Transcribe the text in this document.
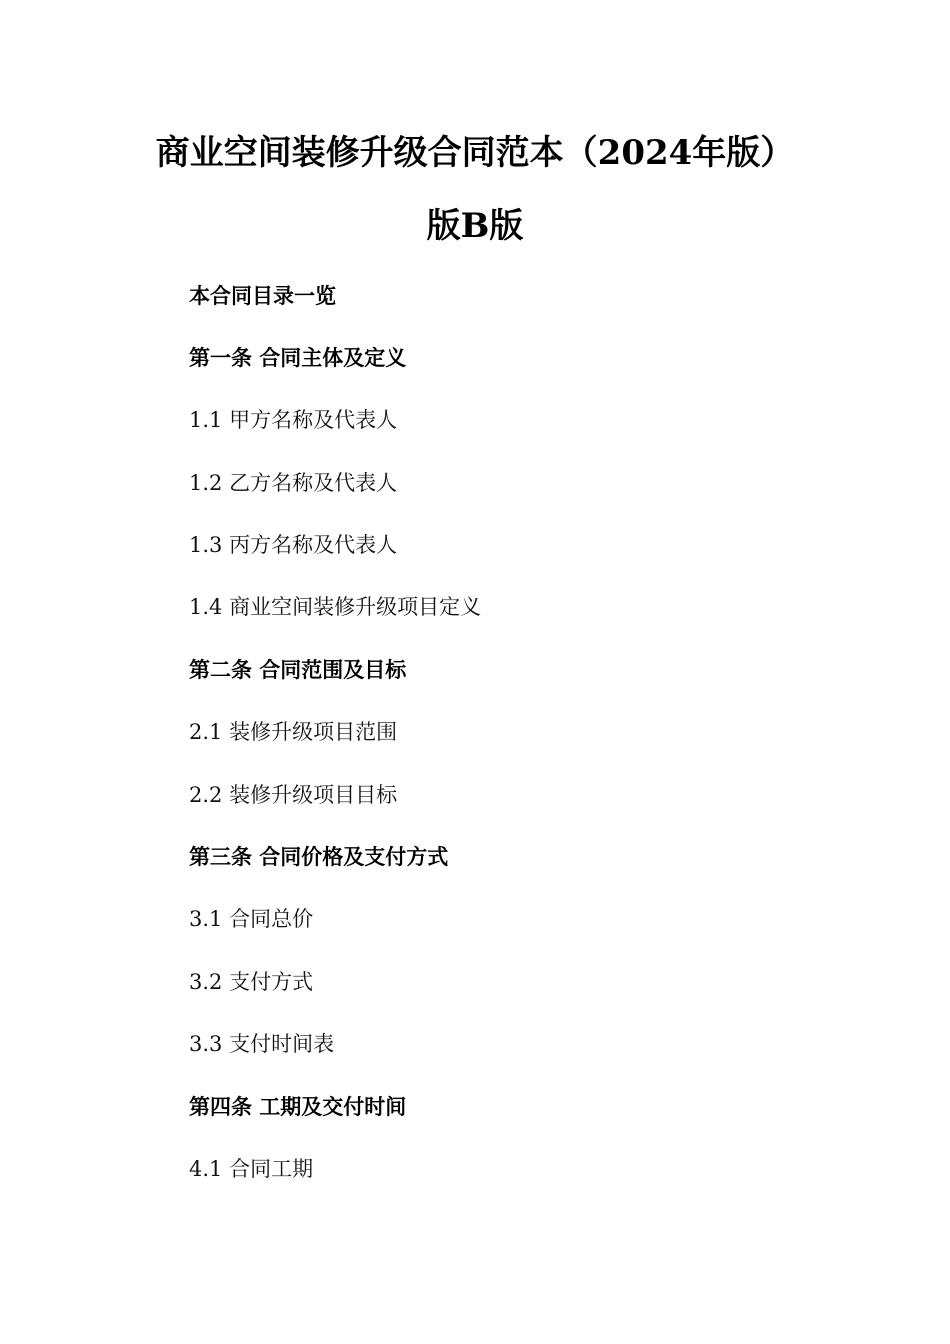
商业空间装修升级合同范本（2024年版）
版B版
本合同目录一览
第一条 合同主体及定义
1.1 甲方名称及代表人
1.2 乙方名称及代表人
1.3 丙方名称及代表人
1.4 商业空间装修升级项目定义
第二条 合同范围及目标
2.1 装修升级项目范围
2.2 装修升级项目目标
第三条 合同价格及支付方式
3.1 合同总价
3.2 支付方式
3.3 支付时间表
第四条 工期及交付时间
4.1 合同工期
